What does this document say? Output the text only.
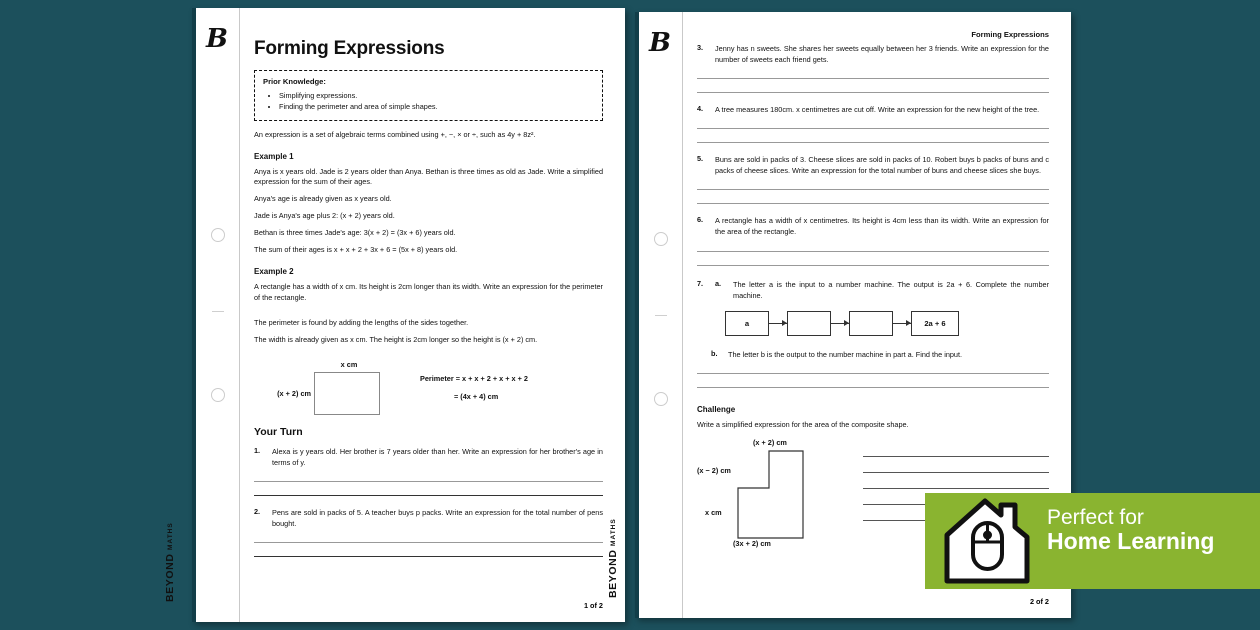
B
BEYOND MATHS
Forming Expressions
Prior Knowledge:
• Simplifying expressions.
• Finding the perimeter and area of simple shapes.

An expression is a set of algebraic terms combined using +, −, × or ÷, such as 4y + 8z².

Example 1

Anya is x years old. Jade is 2 years older than Anya. Bethan is three times as old as Jade. Write a simplified expression for the sum of their ages.

Anya's age is already given as x years old.

Jade is Anya's age plus 2: (x + 2) years old.

Bethan is three times Jade's age: 3(x + 2) = (3x + 6) years old.

The sum of their ages is x + x + 2 + 3x + 6 = (5x + 8) years old.

Example 2

A rectangle has a width of x cm. Its height is 2cm longer than its width. Write an expression for the perimeter of the rectangle.

The perimeter is found by adding the lengths of the sides together.

The width is already given as x cm. The height is 2cm longer so the height is (x + 2) cm.

x cm
(x + 2) cm
Perimeter = x + x + 2 + x + x + 2
= (4x + 4) cm
Your Turn
1.	Alexa is y years old. Her brother is 7 years older than her. Write an expression for her brother's age in terms of y.
2.	Pens are sold in packs of 5. A teacher buys p packs. Write an expression for the total number of pens bought.
1 of 2
B
BEYOND MATHS
Forming Expressions
3.	Jenny has n sweets. She shares her sweets equally between her 3 friends. Write an expression for the number of sweets each friend gets.
4.	A tree measures 180cm. x centimetres are cut off. Write an expression for the new height of the tree.
5.	Buns are sold in packs of 3. Cheese slices are sold in packs of 10. Robert buys b packs of buns and c packs of cheese slices. Write an expression for the total number of buns and cheese slices she buys.
6.	A rectangle has a width of x centimetres. Its height is 4cm less than its width. Write an expression for the area of the rectangle.
7.	a.	The letter a is the input to a number machine. The output is 2a + 6. Complete the number machine.
a	2a + 6
b.	The letter b is the output to the number machine in part a. Find the input.
Challenge

Write a simplified expression for the area of the composite shape.

(x + 2) cm
(x − 2) cm
x cm
(3x + 2) cm
2 of 2
Perfect for
Home Learning
